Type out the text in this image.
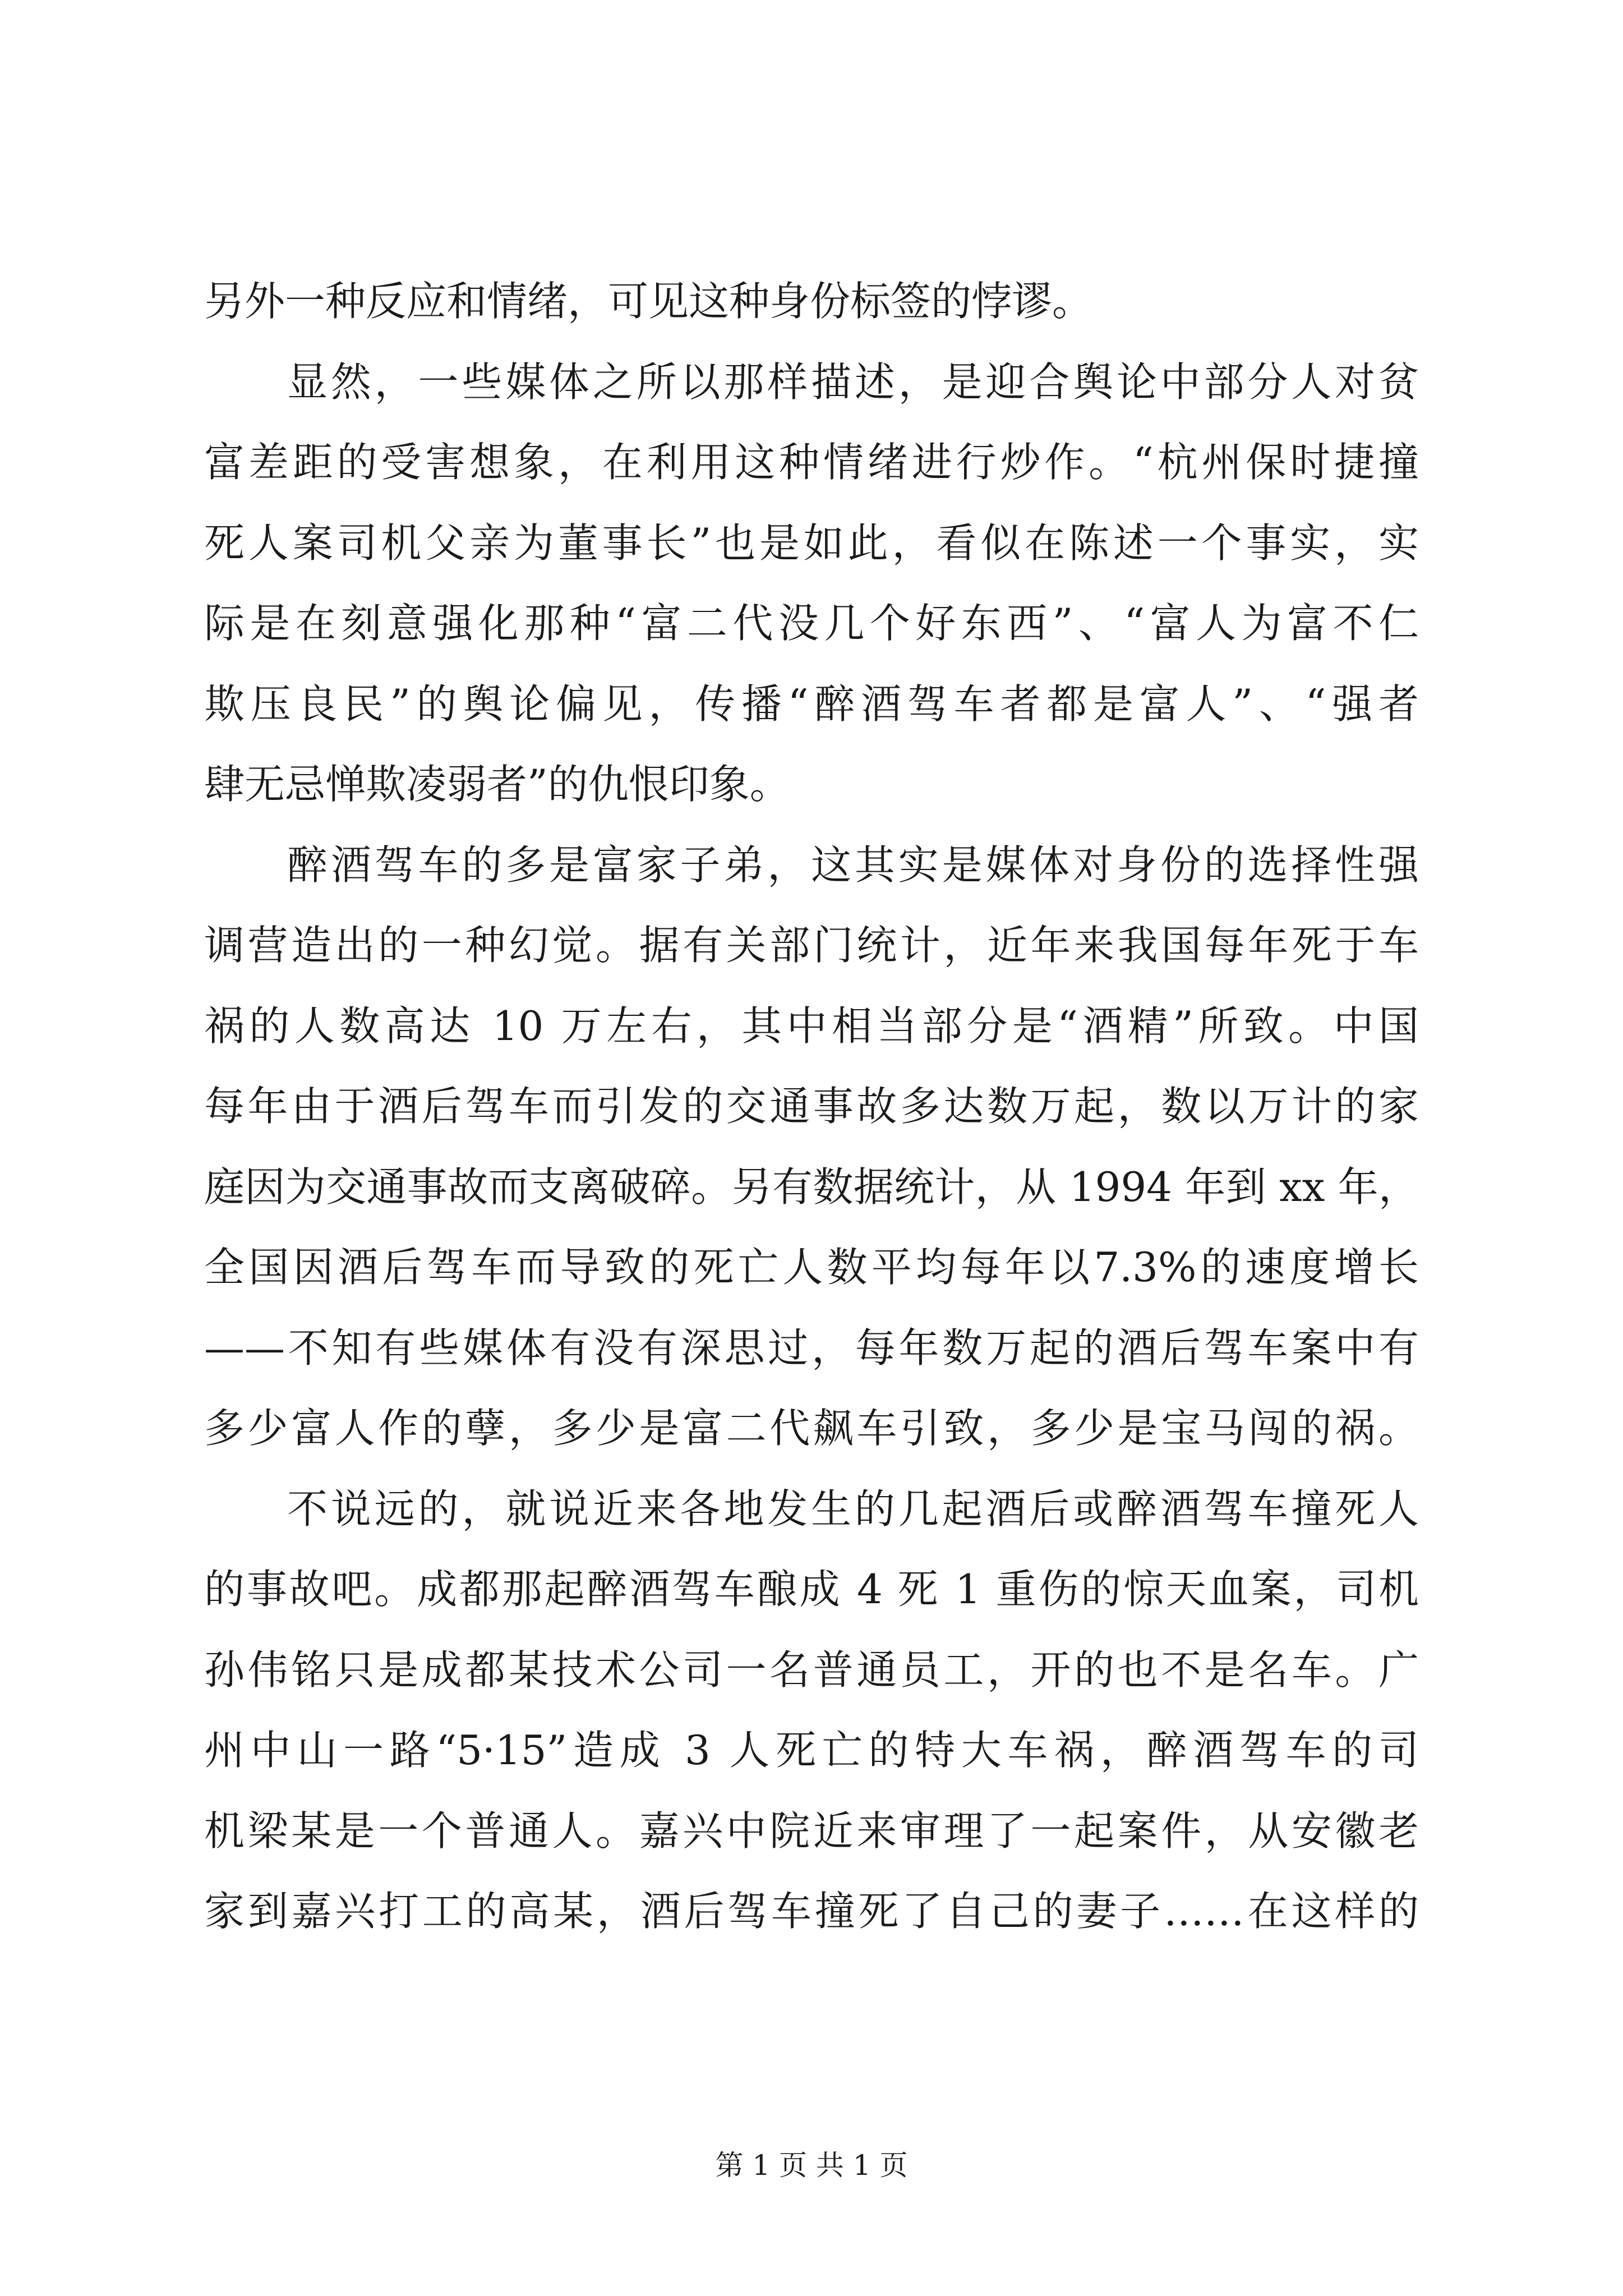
另外一种反应和情绪，可见这种身份标签的悖谬。
显然，一些媒体之所以那样描述，是迎合舆论中部分人对贫
富差距的受害想象，在利用这种情绪进行炒作。“杭州保时捷撞
死人案司机父亲为董事长”也是如此，看似在陈述一个事实，实
际是在刻意强化那种“富二代没几个好东西”、“富人为富不仁
欺压良民”的舆论偏见，传播“醉酒驾车者都是富人”、“强者
肆无忌惮欺凌弱者”的仇恨印象。
醉酒驾车的多是富家子弟，这其实是媒体对身份的选择性强
调营造出的一种幻觉。据有关部门统计，近年来我国每年死于车
祸的人数高达 10 万左右，其中相当部分是“酒精”所致。中国
每年由于酒后驾车而引发的交通事故多达数万起，数以万计的家
庭因为交通事故而支离破碎。另有数据统计，从 1994 年到 xx 年，
全国因酒后驾车而导致的死亡人数平均每年以7.3%的速度增长
——不知有些媒体有没有深思过，每年数万起的酒后驾车案中有
多少富人作的孽，多少是富二代飙车引致，多少是宝马闯的祸。
不说远的，就说近来各地发生的几起酒后或醉酒驾车撞死人
的事故吧。成都那起醉酒驾车酿成 4 死 1 重伤的惊天血案，司机
孙伟铭只是成都某技术公司一名普通员工，开的也不是名车。广
州中山一路“5·15”造成 3 人死亡的特大车祸，醉酒驾车的司
机梁某是一个普通人。嘉兴中院近来审理了一起案件，从安徽老
家到嘉兴打工的高某，酒后驾车撞死了自己的妻子……在这样的
第 1 页 共 1 页
